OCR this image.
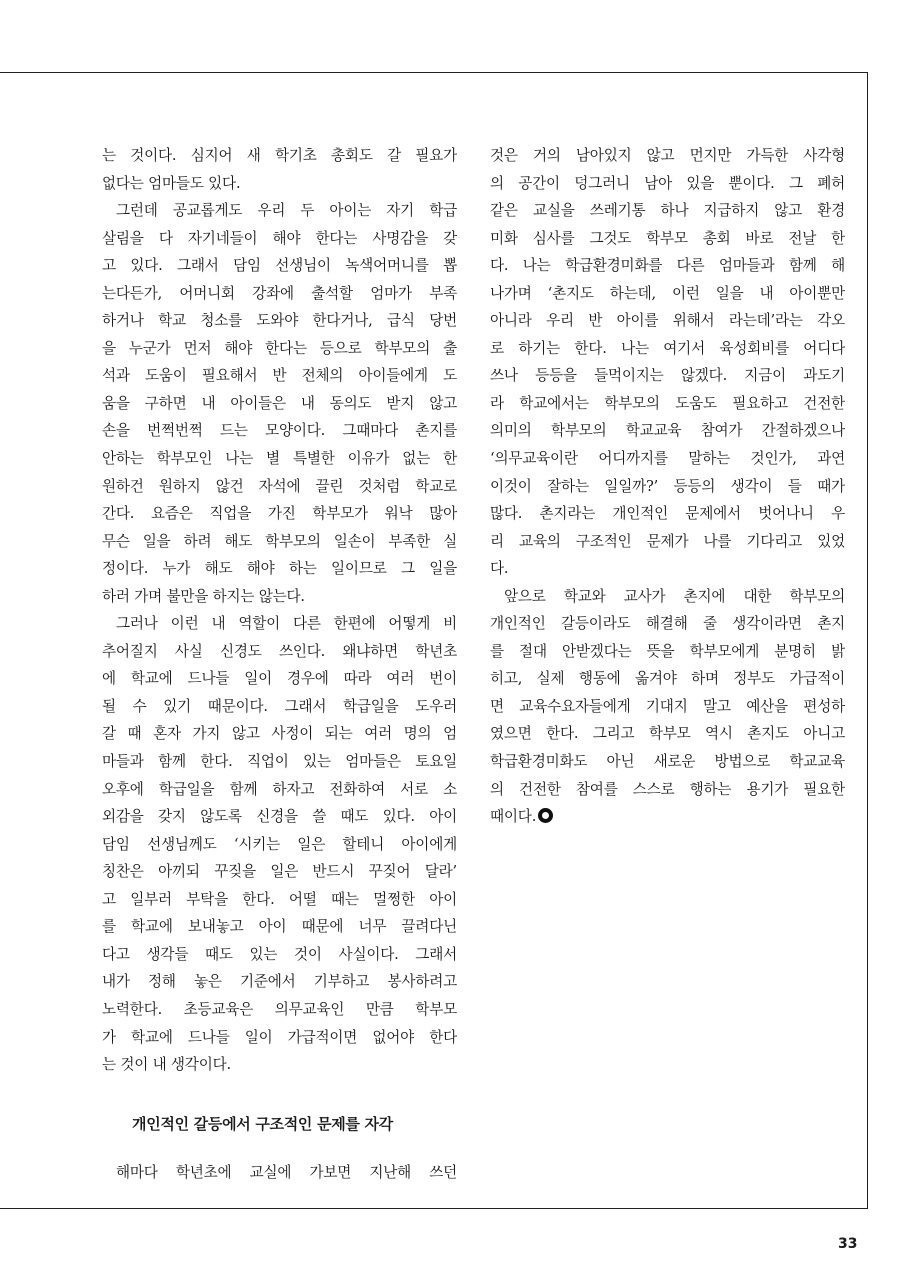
는 것이다. 심지어 새 학기초 총회도 갈 필요가
없다는 엄마들도 있다.
그런데 공교롭게도 우리 두 아이는 자기 학급
살림을 다 자기네들이 해야 한다는 사명감을 갖
고 있다. 그래서 담임 선생님이 녹색어머니를 뽑
는다든가, 어머니회 강좌에 출석할 엄마가 부족
하거나 학교 청소를 도와야 한다거나, 급식 당번
을 누군가 먼저 해야 한다는 등으로 학부모의 출
석과 도움이 필요해서 반 전체의 아이들에게 도
움을 구하면 내 아이들은 내 동의도 받지 않고
손을 번쩍번쩍 드는 모양이다. 그때마다 촌지를
안하는 학부모인 나는 별 특별한 이유가 없는 한
원하건 원하지 않건 자석에 끌린 것처럼 학교로
간다. 요즘은 직업을 가진 학부모가 워낙 많아
무슨 일을 하려 해도 학부모의 일손이 부족한 실
정이다. 누가 해도 해야 하는 일이므로 그 일을
하러 가며 불만을 하지는 않는다.
그러나 이런 내 역할이 다른 한편에 어떻게 비
추어질지 사실 신경도 쓰인다. 왜냐하면 학년초
에 학교에 드나들 일이 경우에 따라 여러 번이
될 수 있기 때문이다. 그래서 학급일을 도우러
갈 때 혼자 가지 않고 사정이 되는 여러 명의 엄
마들과 함께 한다. 직업이 있는 엄마들은 토요일
오후에 학급일을 함께 하자고 전화하여 서로 소
외감을 갖지 않도록 신경을 쓸 때도 있다. 아이
담임 선생님께도 ‘시키는 일은 할테니 아이에게
칭찬은 아끼되 꾸짖을 일은 반드시 꾸짖어 달라’
고 일부러 부탁을 한다. 어떨 때는 멀쩡한 아이
를 학교에 보내놓고 아이 때문에 너무 끌려다닌
다고 생각들 때도 있는 것이 사실이다. 그래서
내가 정해 놓은 기준에서 기부하고 봉사하려고
노력한다. 초등교육은 의무교육인 만큼 학부모
가 학교에 드나들 일이 가급적이면 없어야 한다
는 것이 내 생각이다.
개인적인 갈등에서 구조적인 문제를 자각
해마다 학년초에 교실에 가보면 지난해 쓰던
것은 거의 남아있지 않고 먼지만 가득한 사각형
의 공간이 덩그러니 남아 있을 뿐이다. 그 폐허
같은 교실을 쓰레기통 하나 지급하지 않고 환경
미화 심사를 그것도 학부모 총회 바로 전날 한
다. 나는 학급환경미화를 다른 엄마들과 함께 해
나가며 ‘촌지도 하는데, 이런 일을 내 아이뿐만
아니라 우리 반 아이를 위해서 라는데’라는 각오
로 하기는 한다. 나는 여기서 육성회비를 어디다
쓰나 등등을 들먹이지는 않겠다. 지금이 과도기
라 학교에서는 학부모의 도움도 필요하고 건전한
의미의 학부모의 학교교육 참여가 간절하겠으나
‘의무교육이란 어디까지를 말하는 것인가, 과연
이것이 잘하는 일일까?’ 등등의 생각이 들 때가
많다. 촌지라는 개인적인 문제에서 벗어나니 우
리 교육의 구조적인 문제가 나를 기다리고 있었
다.
앞으로 학교와 교사가 촌지에 대한 학부모의
개인적인 갈등이라도 해결해 줄 생각이라면 촌지
를 절대 안받겠다는 뜻을 학부모에게 분명히 밝
히고, 실제 행동에 옮겨야 하며 정부도 가급적이
면 교육수요자들에게 기대지 말고 예산을 편성하
였으면 한다. 그리고 학부모 역시 촌지도 아니고
학급환경미화도 아닌 새로운 방법으로 학교교육
의 건전한 참여를 스스로 행하는 용기가 필요한
때이다.
33
